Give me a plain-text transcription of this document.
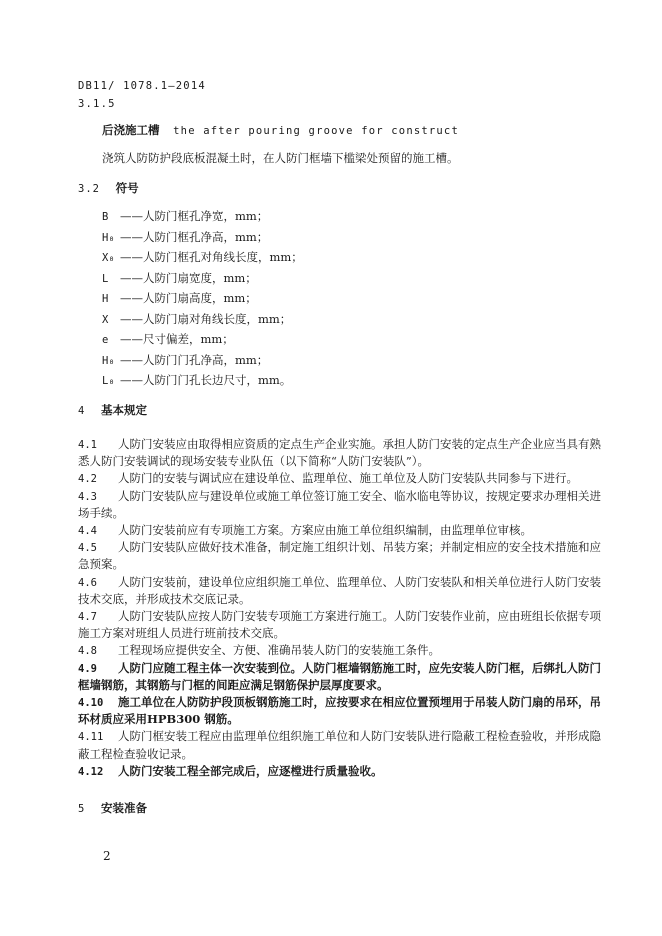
DB11/ 1078.1—2014
3.1.5
后浇施工槽 the after pouring groove for construct
浇筑人防防护段底板混凝土时，在人防门框墙下槛梁处预留的施工槽。
3.2 符号
B ——人防门框孔净宽，mm；
H₀ ——人防门框孔净高，mm；
X₀ ——人防门框孔对角线长度，mm；
L ——人防门扇宽度，mm；
H ——人防门扇高度，mm；
X ——人防门扇对角线长度，mm；
e ——尺寸偏差，mm；
H₀ ——人防门门孔净高，mm；
L₀ ——人防门门孔长边尺寸，mm。
4 基本规定
4.1 人防门安装应由取得相应资质的定点生产企业实施。承担人防门安装的定点生产企业应当具有熟
悉人防门安装调试的现场安装专业队伍（以下简称“人防门安装队”）。
4.2 人防门的安装与调试应在建设单位、监理单位、施工单位及人防门安装队共同参与下进行。
4.3 人防门安装队应与建设单位或施工单位签订施工安全、临水临电等协议，按规定要求办理相关进
场手续。
4.4 人防门安装前应有专项施工方案。方案应由施工单位组织编制，由监理单位审核。
4.5 人防门安装队应做好技术准备，制定施工组织计划、吊装方案；并制定相应的安全技术措施和应
急预案。
4.6 人防门安装前，建设单位应组织施工单位、监理单位、人防门安装队和相关单位进行人防门安装
技术交底，并形成技术交底记录。
4.7 人防门安装队应按人防门安装专项施工方案进行施工。人防门安装作业前，应由班组长依据专项
施工方案对班组人员进行班前技术交底。
4.8 工程现场应提供安全、方便、准确吊装人防门的安装施工条件。
4.9 人防门应随工程主体一次安装到位。人防门框墙钢筋施工时，应先安装人防门框，后绑扎人防门
框墙钢筋，其钢筋与门框的间距应满足钢筋保护层厚度要求。
4.10 施工单位在人防防护段顶板钢筋施工时，应按要求在相应位置预埋用于吊装人防门扇的吊环，吊
环材质应采用HPB300 钢筋。
4.11 人防门框安装工程应由监理单位组织施工单位和人防门安装队进行隐蔽工程检查验收，并形成隐
蔽工程检查验收记录。
4.12 人防门安装工程全部完成后，应逐樘进行质量验收。
5 安装准备
2
